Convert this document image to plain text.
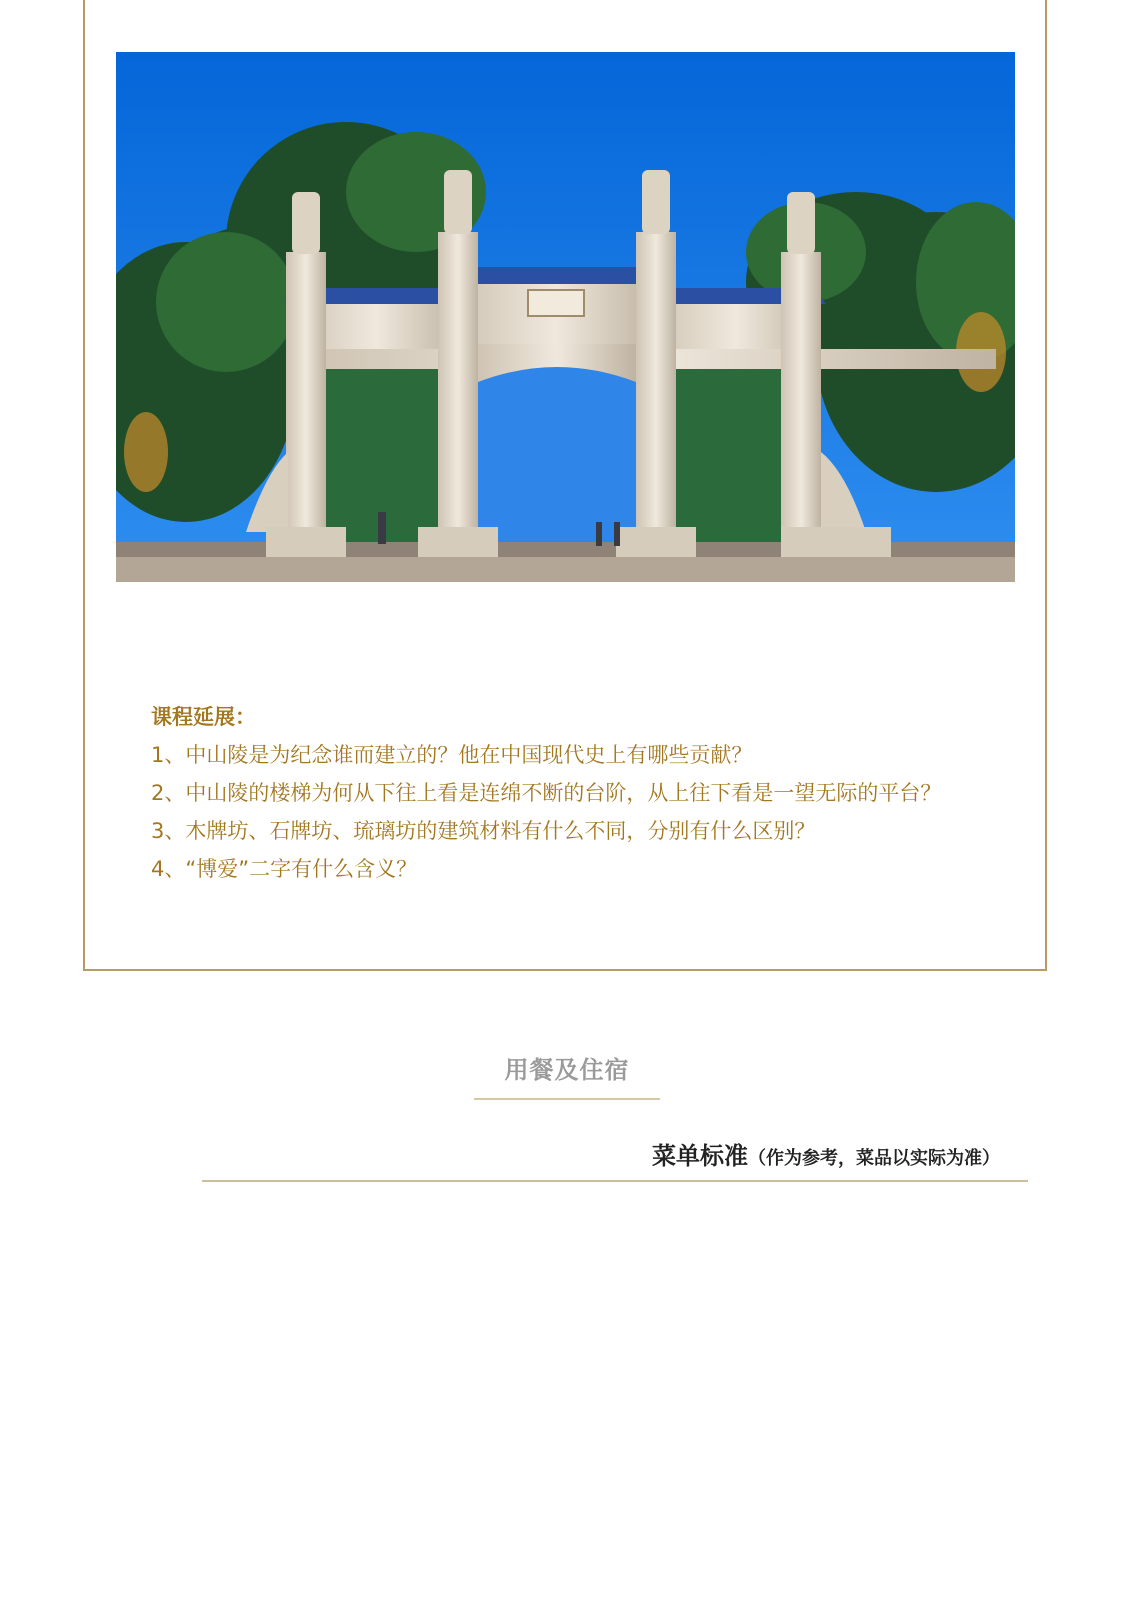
课程延展：

1、中山陵是为纪念谁而建立的？他在中国现代史上有哪些贡献？

2、中山陵的楼梯为何从下往上看是连绵不断的台阶，从上往下看是一望无际的平台？

3、木牌坊、石牌坊、琉璃坊的建筑材料有什么不同，分别有什么区别？

4、“博爱”二字有什么含义？

用餐及住宿
菜单标准（作为参考，菜品以实际为准）
